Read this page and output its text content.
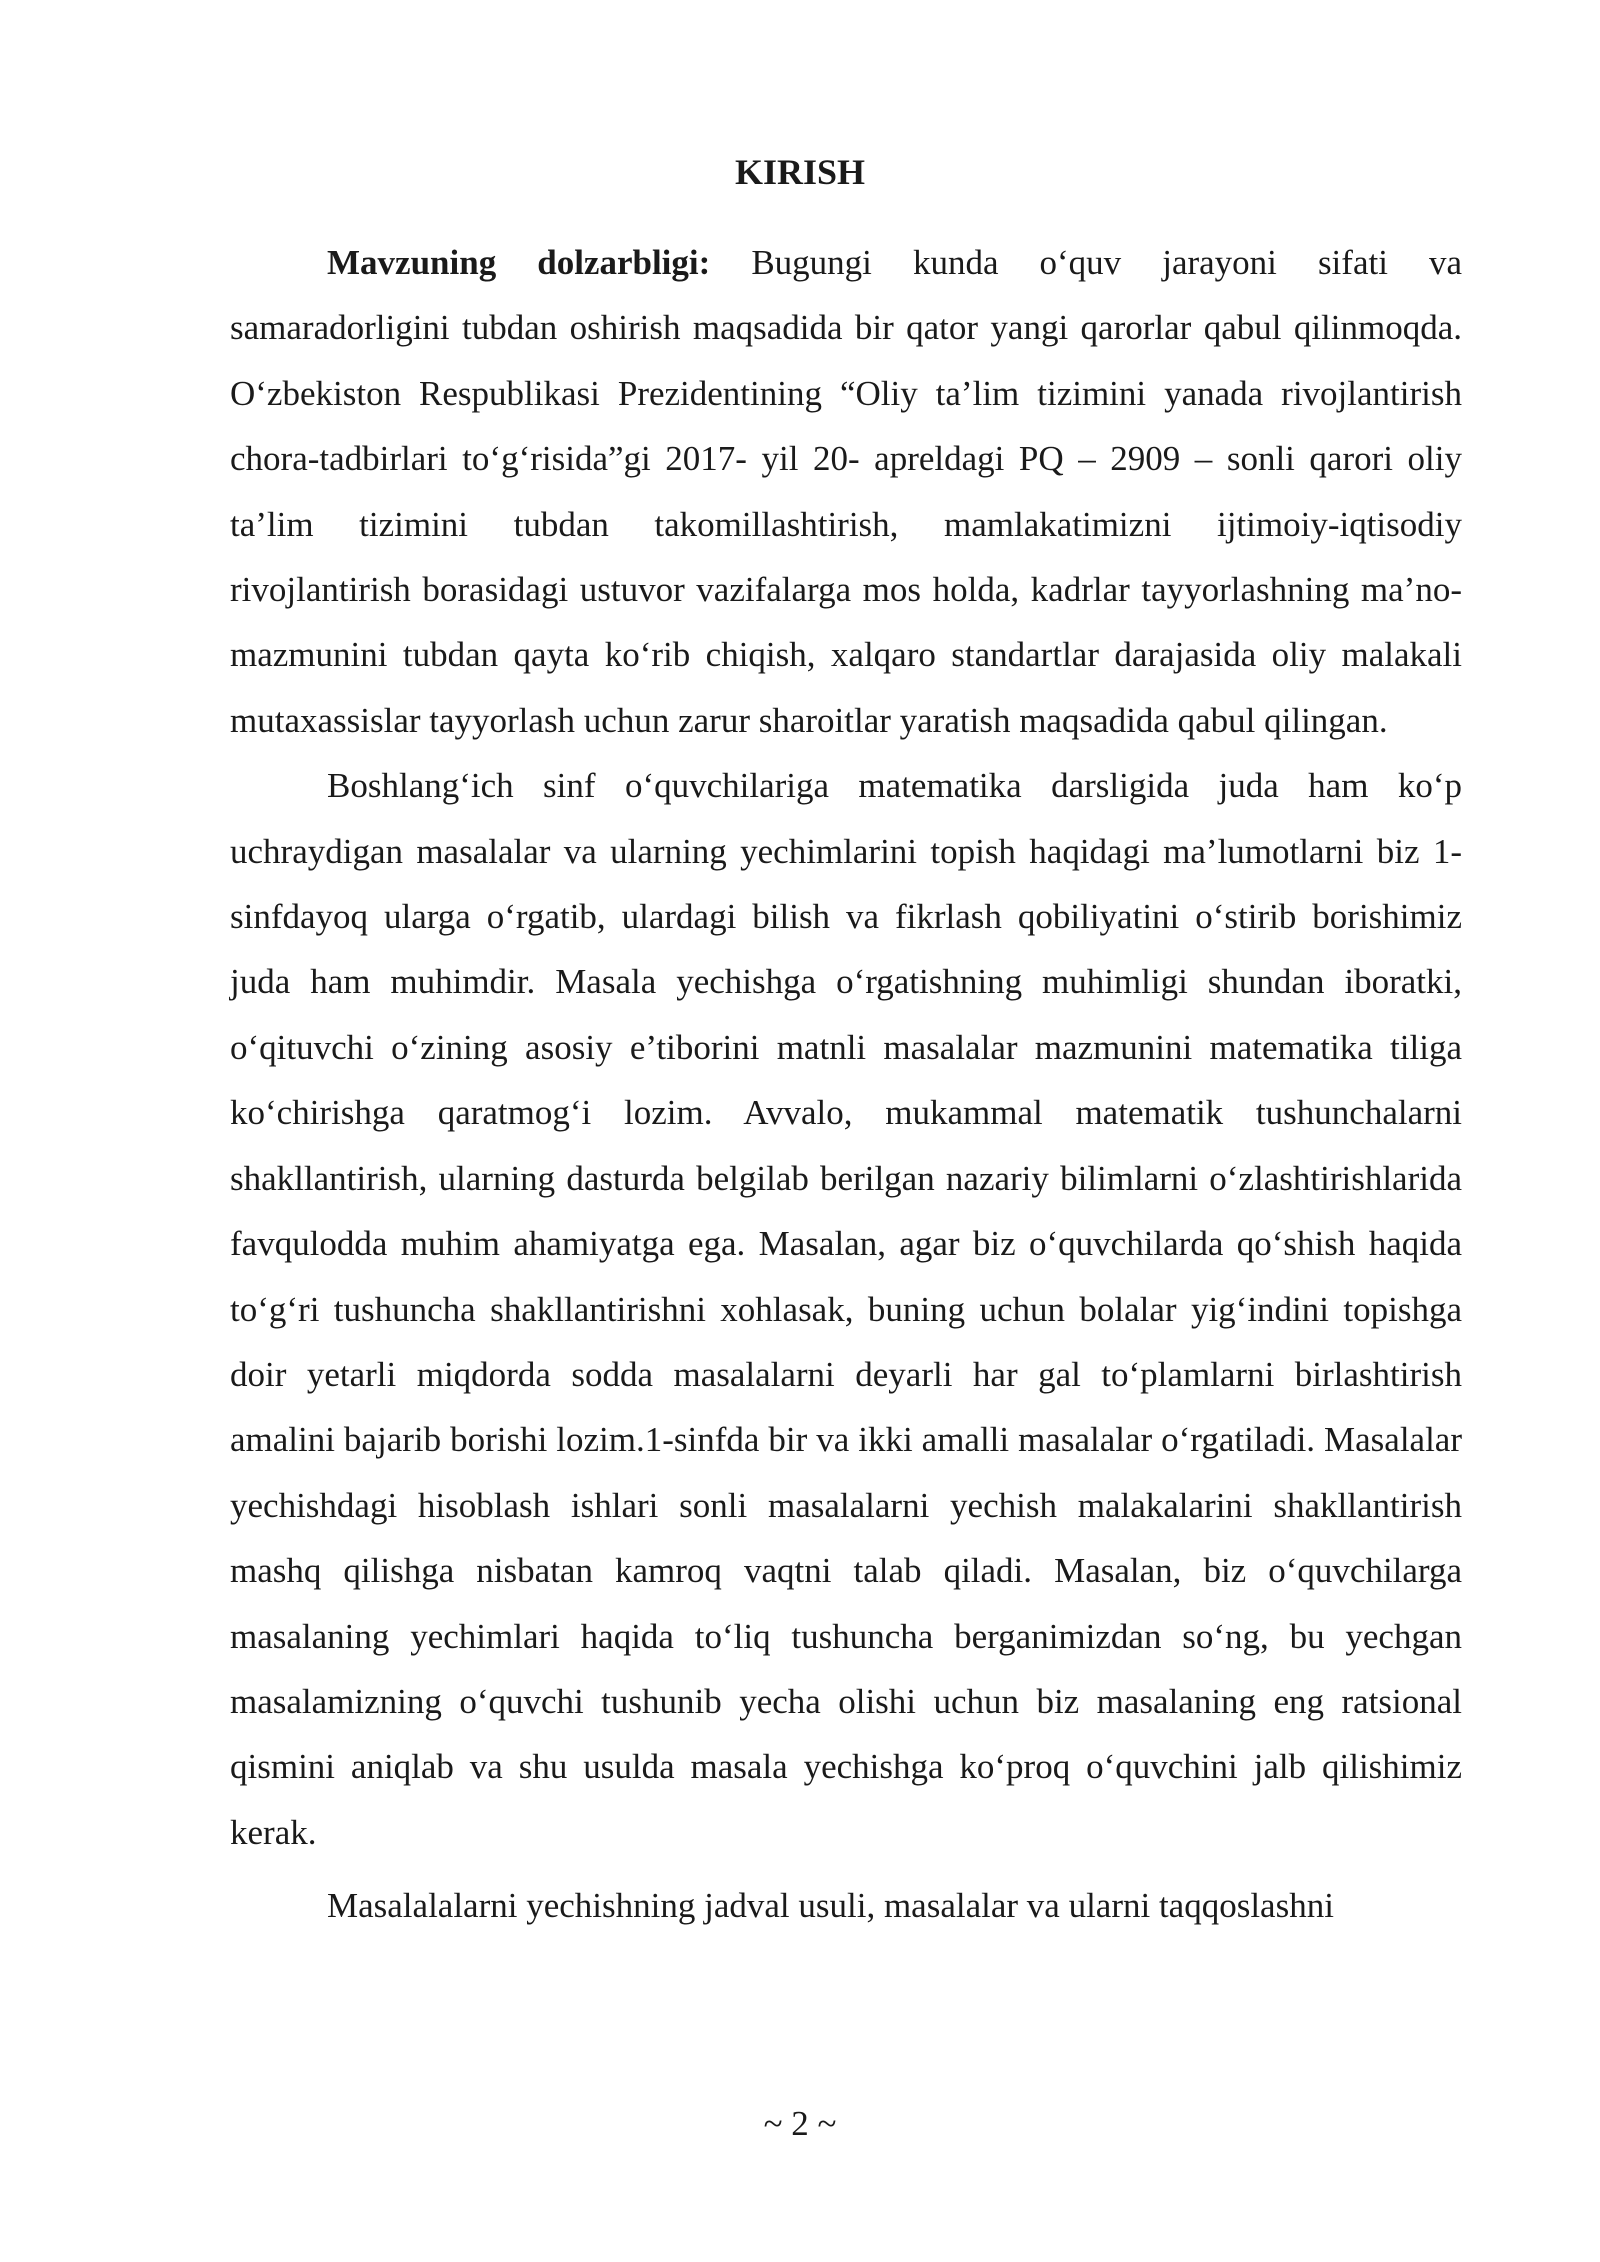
KIRISH

Mavzuning dolzarbligi: Bugungi kunda o‘quv jarayoni sifati va samaradorligini tubdan oshirish maqsadida bir qator yangi qarorlar qabul qilinmoqda. O‘zbekiston Respublikasi Prezidentining “Oliy ta’lim tizimini yanada rivojlantirish chora-tadbirlari to‘g‘risida”gi 2017- yil 20- apreldagi PQ – 2909 – sonli qarori oliy ta’lim tizimini tubdan takomillashtirish, mamlakatimizni ijtimoiy-iqtisodiy rivojlantirish borasidagi ustuvor vazifalarga mos holda, kadrlar tayyorlashning ma’no- mazmunini tubdan qayta ko‘rib chiqish, xalqaro standartlar darajasida oliy malakali mutaxassislar tayyorlash uchun zarur sharoitlar yaratish maqsadida qabul qilingan.

Boshlang‘ich sinf o‘quvchilariga matematika darsligida juda ham ko‘p uchraydigan masalalar va ularning yechimlarini topish haqidagi ma’lumotlarni biz 1-sinfdayoq ularga o‘rgatib, ulardagi bilish va fikrlash qobiliyatini o‘stirib borishimiz juda ham muhimdir. Masala yechishga o‘rgatishning muhimligi shundan iboratki, o‘qituvchi o‘zining asosiy e’tiborini matnli masalalar mazmunini matematika tiliga ko‘chirishga qaratmog‘i lozim. Avvalo, mukammal matematik tushunchalarni shakllantirish, ularning dasturda belgilab berilgan nazariy bilimlarni o‘zlashtirishlarida favqulodda muhim ahamiyatga ega. Masalan, agar biz o‘quvchilarda qo‘shish haqida to‘g‘ri tushuncha shakllantirishni xohlasak, buning uchun bolalar yig‘indini topishga doir yetarli miqdorda sodda masalalarni deyarli har gal to‘plamlarni birlashtirish amalini bajarib borishi lozim.1-sinfda bir va ikki amalli masalalar o‘rgatiladi. Masalalar yechishdagi hisoblash ishlari sonli masalalarni yechish malakalarini shakllantirish mashq qilishga nisbatan kamroq vaqtni talab qiladi. Masalan, biz o‘quvchilarga masalaning yechimlari haqida to‘liq tushuncha berganimizdan so‘ng, bu yechgan masalamizning o‘quvchi tushunib yecha olishi uchun biz masalaning eng ratsional qismini aniqlab va shu usulda masala yechishga ko‘proq o‘quvchini jalb qilishimiz kerak.

Masalalalarni yechishning jadval usuli, masalalar va ularni taqqoslashni

~ 2 ~
